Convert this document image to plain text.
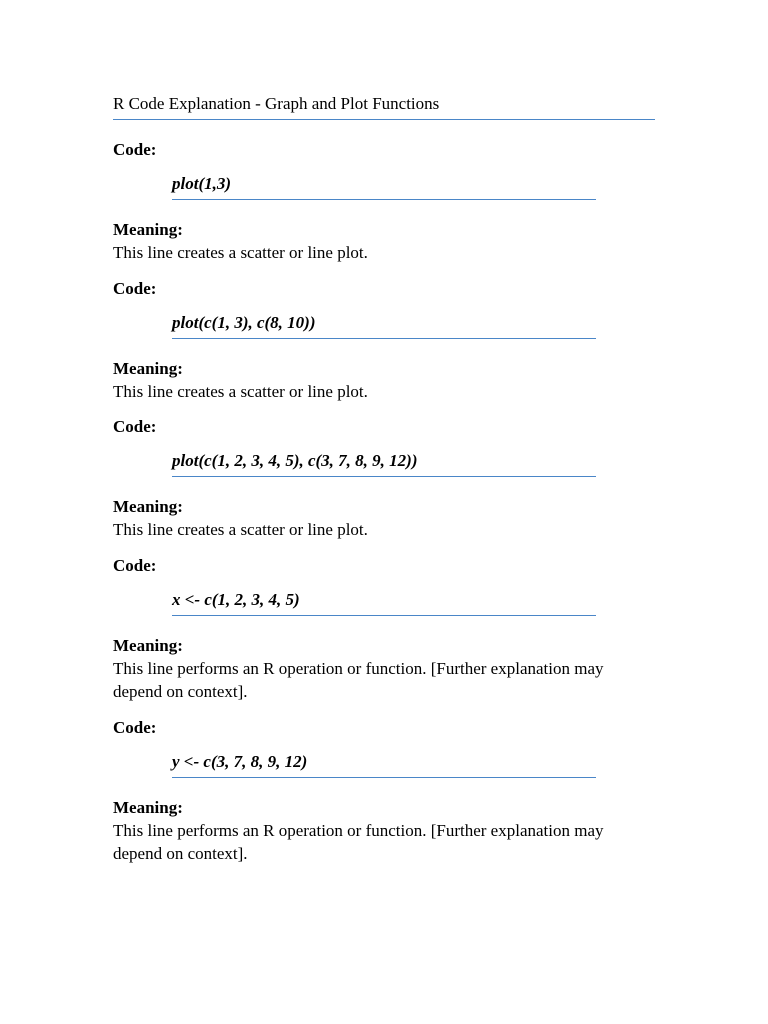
R Code Explanation - Graph and Plot Functions
Code:
plot(1,3)
Meaning:
This line creates a scatter or line plot.
Code:
plot(c(1, 3), c(8, 10))
Meaning:
This line creates a scatter or line plot.
Code:
plot(c(1, 2, 3, 4, 5), c(3, 7, 8, 9, 12))
Meaning:
This line creates a scatter or line plot.
Code:
x <- c(1, 2, 3, 4, 5)
Meaning:
This line performs an R operation or function. [Further explanation may depend on context].
Code:
y <- c(3, 7, 8, 9, 12)
Meaning:
This line performs an R operation or function. [Further explanation may depend on context].
